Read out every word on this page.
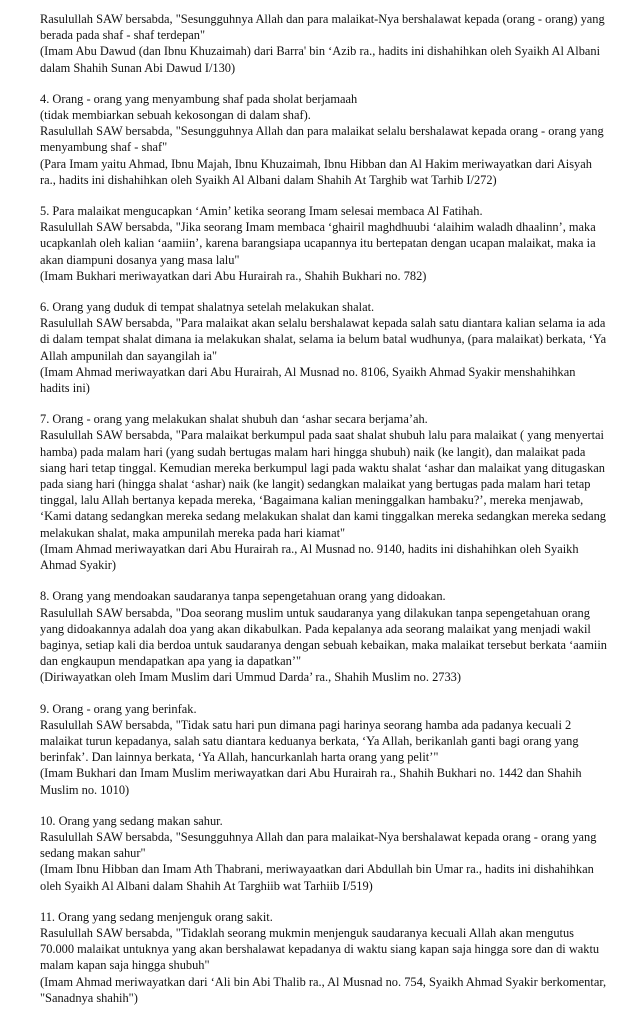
Rasulullah SAW bersabda, "Sesungguhnya Allah dan para malaikat-Nya bershalawat kepada (orang - orang) yang
berada pada shaf - shaf terdepan"

(Imam Abu Dawud (dan Ibnu Khuzaimah) dari Barra' bin ‘Azib ra., hadits ini dishahihkan oleh Syaikh Al Albani
dalam Shahih Sunan Abi Dawud I/130)

4. Orang - orang yang menyambung shaf pada sholat berjamaah

(tidak membiarkan sebuah kekosongan di dalam shaf).

Rasulullah SAW bersabda, "Sesungguhnya Allah dan para malaikat selalu bershalawat kepada orang - orang yang
menyambung shaf - shaf"

(Para Imam yaitu Ahmad, Ibnu Majah, Ibnu Khuzaimah, Ibnu Hibban dan Al Hakim meriwayatkan dari Aisyah
ra., hadits ini dishahihkan oleh Syaikh Al Albani dalam Shahih At Targhib wat Tarhib I/272)

5. Para malaikat mengucapkan ‘Amin’ ketika seorang Imam selesai membaca Al Fatihah.

Rasulullah SAW bersabda, "Jika seorang Imam membaca ‘ghairil maghdhuubi ‘alaihim waladh dhaalinn’, maka
ucapkanlah oleh kalian ‘aamiin’, karena barangsiapa ucapannya itu bertepatan dengan ucapan malaikat, maka ia
akan diampuni dosanya yang masa lalu"

(Imam Bukhari meriwayatkan dari Abu Hurairah ra., Shahih Bukhari no. 782)

6. Orang yang duduk di tempat shalatnya setelah melakukan shalat.

Rasulullah SAW bersabda, "Para malaikat akan selalu bershalawat kepada salah satu diantara kalian selama ia ada
di dalam tempat shalat dimana ia melakukan shalat, selama ia belum batal wudhunya, (para malaikat) berkata, ‘Ya
Allah ampunilah dan sayangilah ia"

(Imam Ahmad meriwayatkan dari Abu Hurairah, Al Musnad no. 8106, Syaikh Ahmad Syakir menshahihkan
hadits ini)

7. Orang - orang yang melakukan shalat shubuh dan ‘ashar secara berjama’ah.

Rasulullah SAW bersabda, "Para malaikat berkumpul pada saat shalat shubuh lalu para malaikat ( yang menyertai
hamba) pada malam hari (yang sudah bertugas malam hari hingga shubuh) naik (ke langit), dan malaikat pada
siang hari tetap tinggal. Kemudian mereka berkumpul lagi pada waktu shalat ‘ashar dan malaikat yang ditugaskan
pada siang hari (hingga shalat ‘ashar) naik (ke langit) sedangkan malaikat yang bertugas pada malam hari tetap
tinggal, lalu Allah bertanya kepada mereka, ‘Bagaimana kalian meninggalkan hambaku?’, mereka menjawab,
‘Kami datang sedangkan mereka sedang melakukan shalat dan kami tinggalkan mereka sedangkan mereka sedang
melakukan shalat, maka ampunilah mereka pada hari kiamat"

(Imam Ahmad meriwayatkan dari Abu Hurairah ra., Al Musnad no. 9140, hadits ini dishahihkan oleh Syaikh
Ahmad Syakir)

8. Orang yang mendoakan saudaranya tanpa sepengetahuan orang yang didoakan.

Rasulullah SAW bersabda, "Doa seorang muslim untuk saudaranya yang dilakukan tanpa sepengetahuan orang
yang didoakannya adalah doa yang akan dikabulkan. Pada kepalanya ada seorang malaikat yang menjadi wakil
baginya, setiap kali dia berdoa untuk saudaranya dengan sebuah kebaikan, maka malaikat tersebut berkata ‘aamiin
dan engkaupun mendapatkan apa yang ia dapatkan’"

(Diriwayatkan oleh Imam Muslim dari Ummud Darda’ ra., Shahih Muslim no. 2733)

9. Orang - orang yang berinfak.

Rasulullah SAW bersabda, "Tidak satu hari pun dimana pagi harinya seorang hamba ada padanya kecuali 2
malaikat turun kepadanya, salah satu diantara keduanya berkata, ‘Ya Allah, berikanlah ganti bagi orang yang
berinfak’. Dan lainnya berkata, ‘Ya Allah, hancurkanlah harta orang yang pelit’"

(Imam Bukhari dan Imam Muslim meriwayatkan dari Abu Hurairah ra., Shahih Bukhari no. 1442 dan Shahih
Muslim no. 1010)

10. Orang yang sedang makan sahur.

Rasulullah SAW bersabda, "Sesungguhnya Allah dan para malaikat-Nya bershalawat kepada orang - orang yang
sedang makan sahur"

(Imam Ibnu Hibban dan Imam Ath Thabrani, meriwayaatkan dari Abdullah bin Umar ra., hadits ini dishahihkan
oleh Syaikh Al Albani dalam Shahih At Targhiib wat Tarhiib I/519)

11. Orang yang sedang menjenguk orang sakit.

Rasulullah SAW bersabda, "Tidaklah seorang mukmin menjenguk saudaranya kecuali Allah akan mengutus
70.000 malaikat untuknya yang akan bershalawat kepadanya di waktu siang kapan saja hingga sore dan di waktu
malam kapan saja hingga shubuh"

(Imam Ahmad meriwayatkan dari ‘Ali bin Abi Thalib ra., Al Musnad no. 754, Syaikh Ahmad Syakir berkomentar,
"Sanadnya shahih")
